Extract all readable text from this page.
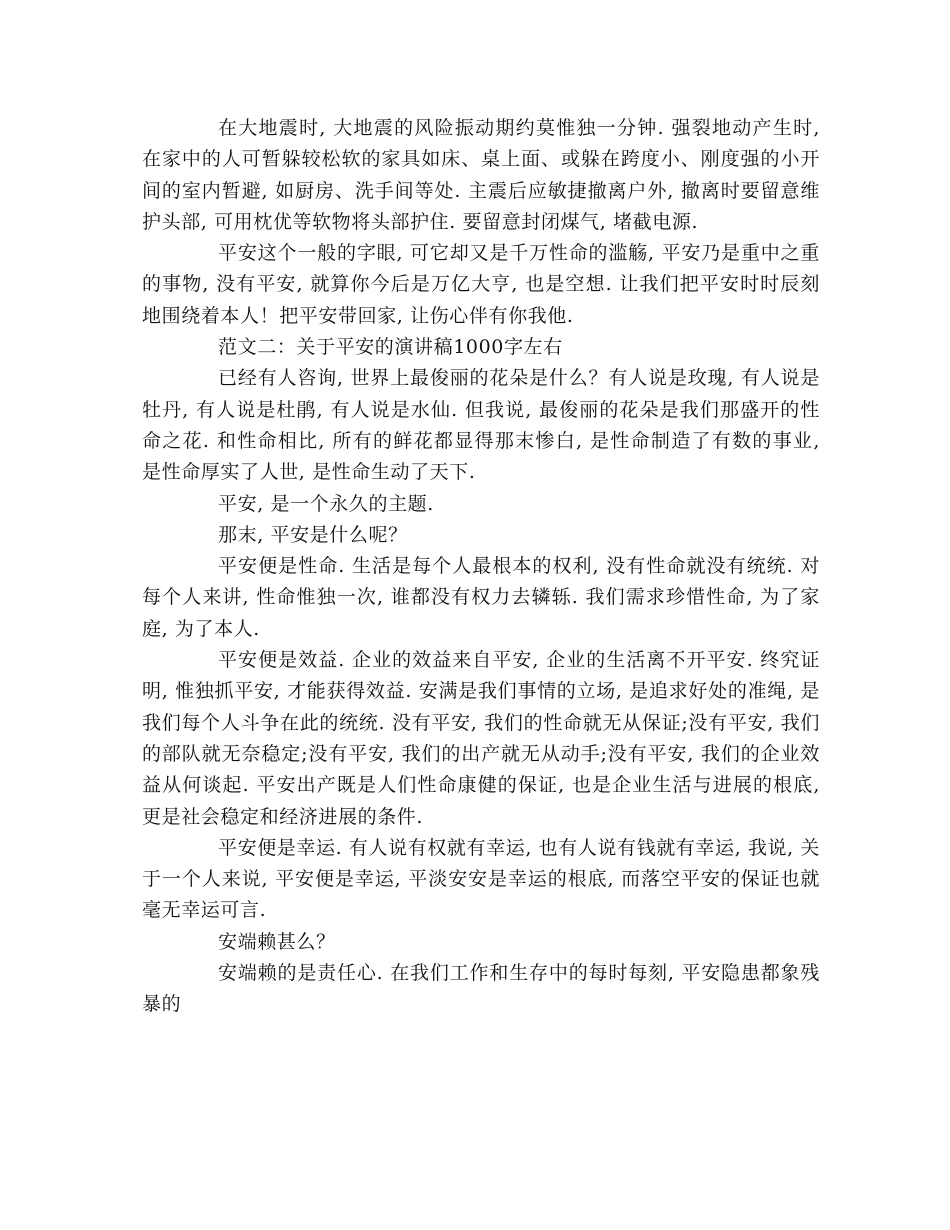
在大地震时, 大地震的风险振动期约莫惟独一分钟. 强裂地动产生时, 在家中的人可暂躲较松软的家具如床、桌上面、或躲在跨度小、刚度强的小开间的室内暂避, 如厨房、洗手间等处. 主震后应敏捷撤离户外, 撤离时要留意维护头部, 可用枕优等软物将头部护住. 要留意封闭煤气, 堵截电源.

平安这个一般的字眼, 可它却又是千万性命的滥觞, 平安乃是重中之重的事物, 没有平安, 就算你今后是万亿大亨, 也是空想. 让我们把平安时时辰刻地围绕着本人！把平安带回家, 让伤心伴有你我他.

范文二：关于平安的演讲稿1000字左右

已经有人咨询, 世界上最俊丽的花朵是什么？有人说是玫瑰, 有人说是牡丹, 有人说是杜鹃, 有人说是水仙. 但我说, 最俊丽的花朵是我们那盛开的性命之花. 和性命相比, 所有的鲜花都显得那末惨白, 是性命制造了有数的事业, 是性命厚实了人世, 是性命生动了天下.

平安, 是一个永久的主题.

那末, 平安是什么呢？

平安便是性命. 生活是每个人最根本的权利, 没有性命就没有统统. 对每个人来讲, 性命惟独一次, 谁都没有权力去辚轹. 我们需求珍惜性命, 为了家庭, 为了本人.

平安便是效益. 企业的效益来自平安, 企业的生活离不开平安. 终究证明, 惟独抓平安, 才能获得效益. 安满是我们事情的立场, 是追求好处的准绳, 是我们每个人斗争在此的统统. 没有平安, 我们的性命就无从保证;没有平安, 我们的部队就无奈稳定;没有平安, 我们的出产就无从动手;没有平安, 我们的企业效益从何谈起. 平安出产既是人们性命康健的保证, 也是企业生活与进展的根底, 更是社会稳定和经济进展的条件.

平安便是幸运. 有人说有权就有幸运, 也有人说有钱就有幸运, 我说, 关于一个人来说, 平安便是幸运, 平淡安安是幸运的根底, 而落空平安的保证也就毫无幸运可言.

安端赖甚么？

安端赖的是责任心. 在我们工作和生存中的每时每刻, 平安隐患都象残暴的
